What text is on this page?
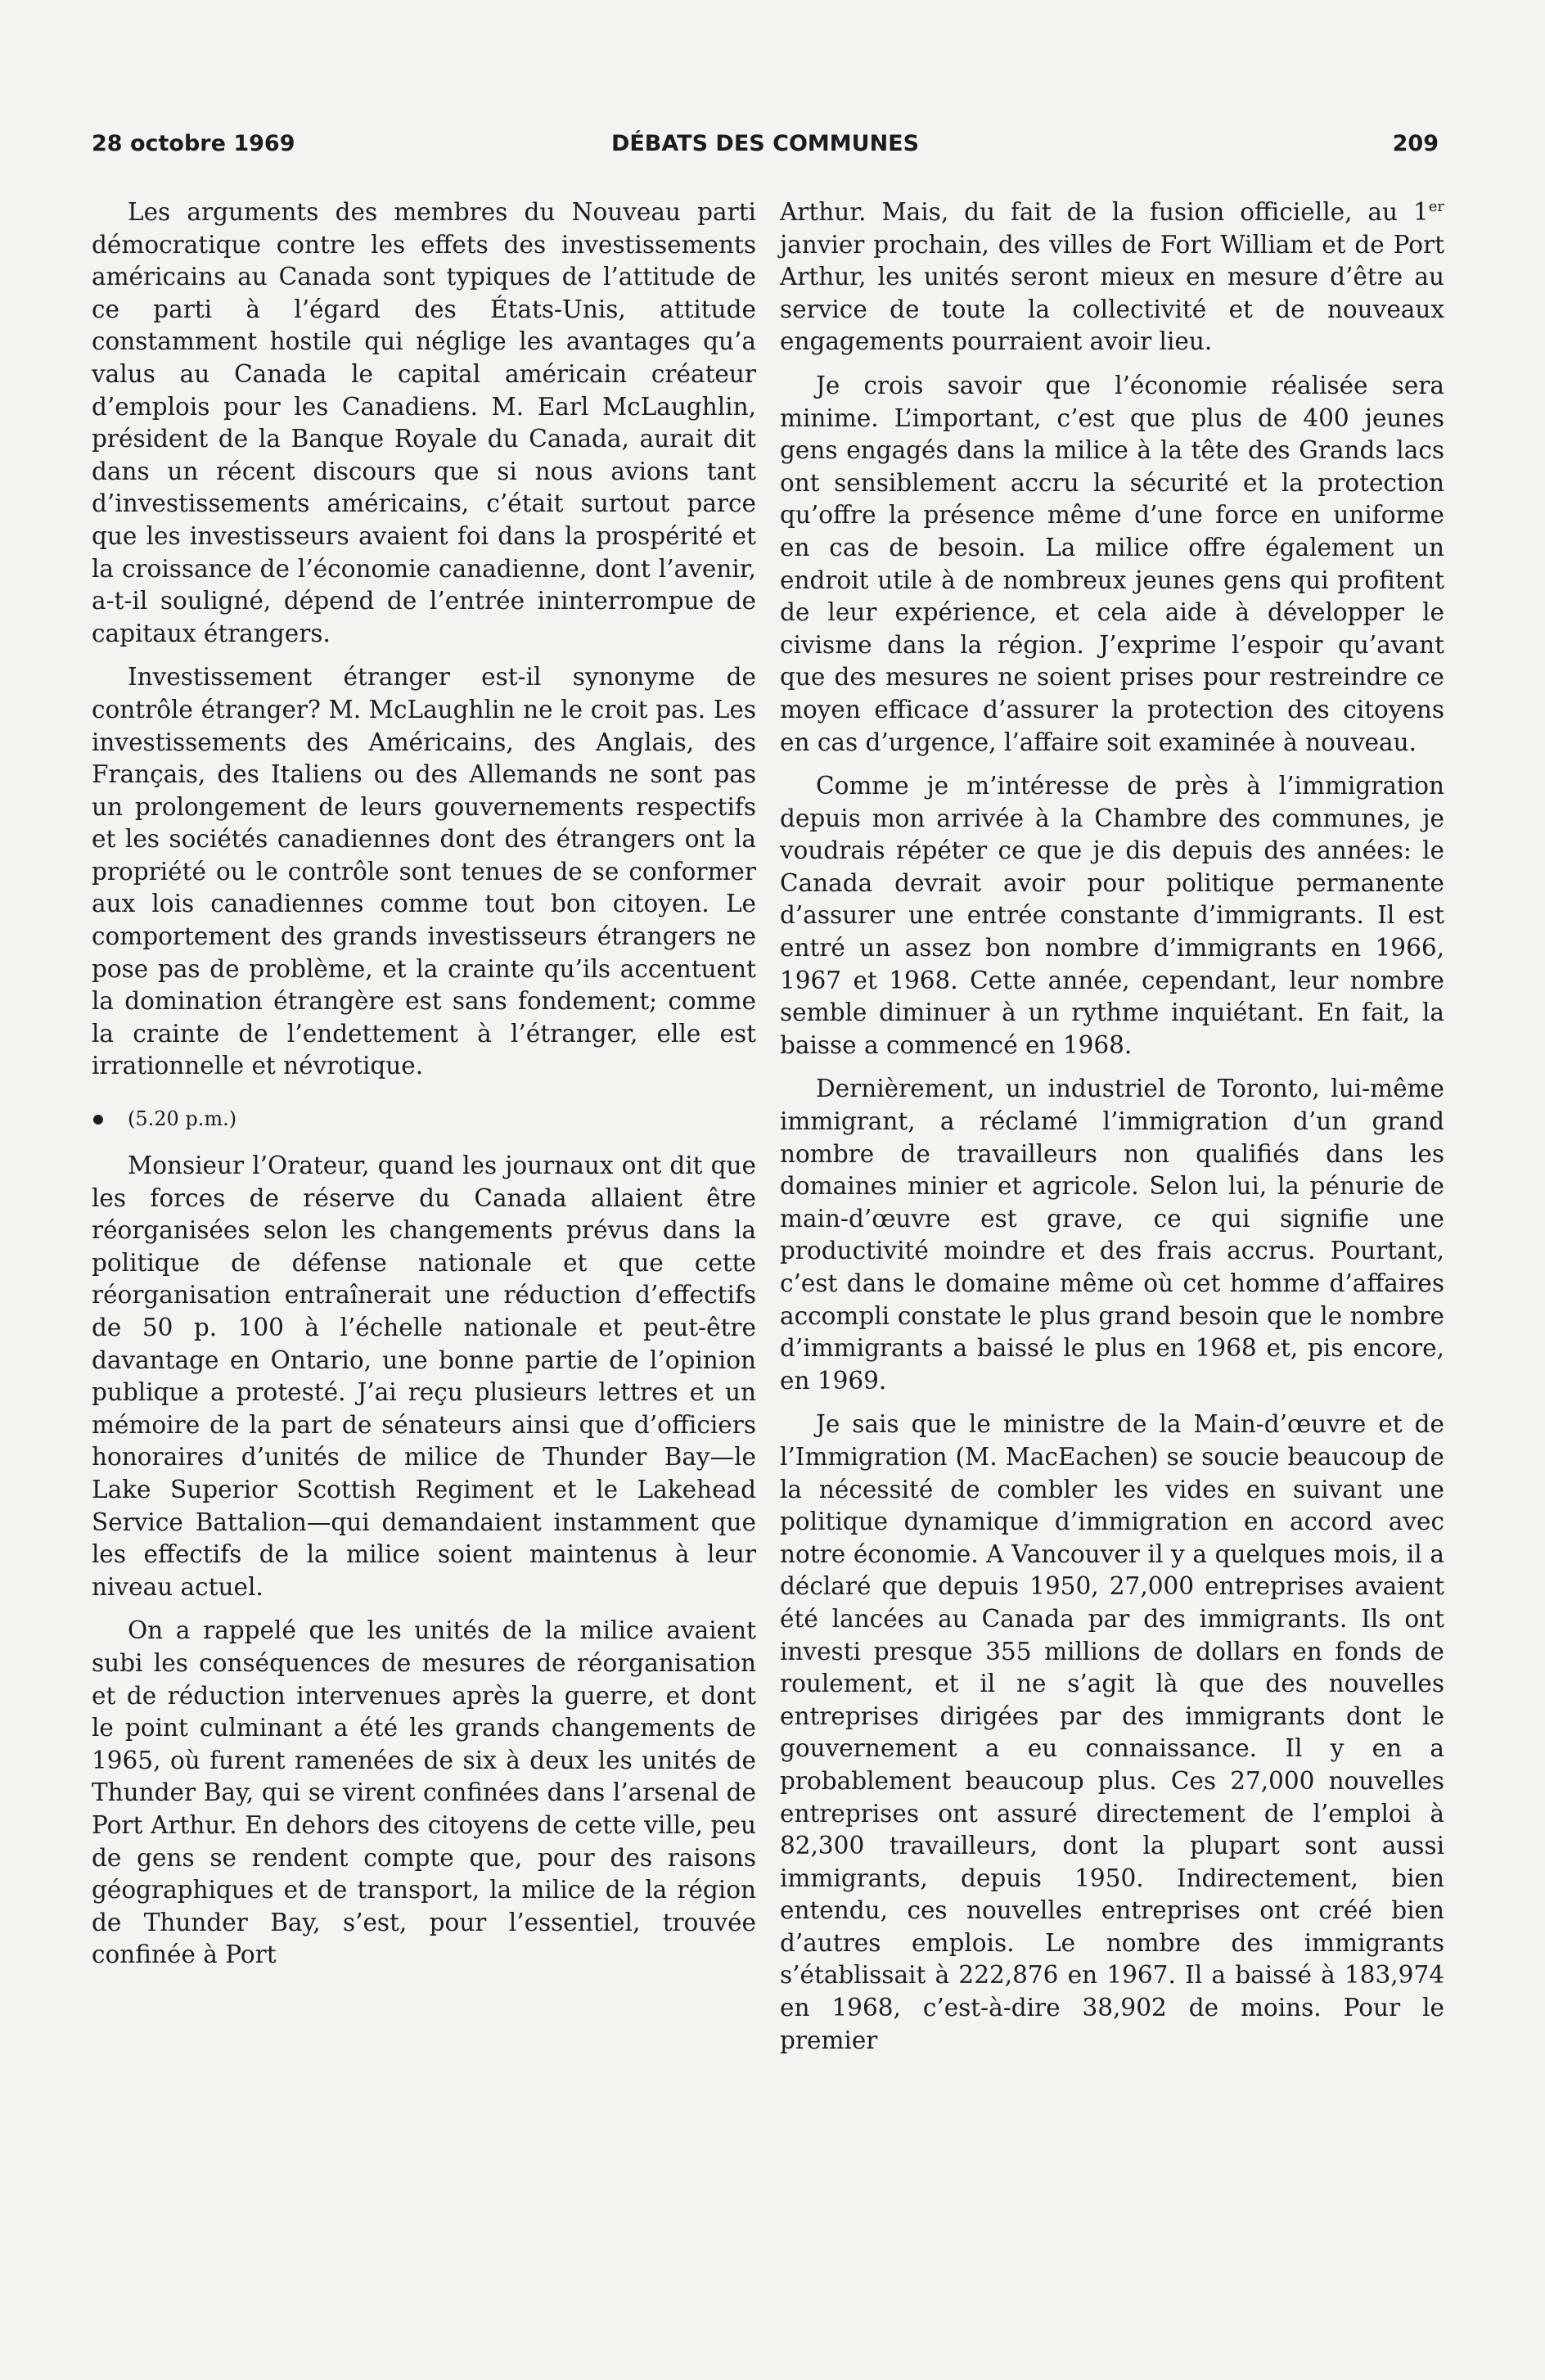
28 octobre 1969	DÉBATS DES COMMUNES	209

Les arguments des membres du Nouveau parti démocratique contre les effets des investissements américains au Canada sont typiques de l’attitude de ce parti à l’égard des États-Unis, attitude constamment hostile qui néglige les avantages qu’a valus au Canada le capital américain créateur d’emplois pour les Canadiens. M. Earl McLaughlin, président de la Banque Royale du Canada, aurait dit dans un récent discours que si nous avions tant d’investissements américains, c’était surtout parce que les investisseurs avaient foi dans la prospérité et la croissance de l’économie canadienne, dont l’avenir, a-t-il souligné, dépend de l’entrée ininterrompue de capitaux étrangers.

Investissement étranger est-il synonyme de contrôle étranger? M. McLaughlin ne le croit pas. Les investissements des Américains, des Anglais, des Français, des Italiens ou des Allemands ne sont pas un prolongement de leurs gouvernements respectifs et les sociétés canadiennes dont des étrangers ont la propriété ou le contrôle sont tenues de se conformer aux lois canadiennes comme tout bon citoyen. Le comportement des grands investisseurs étrangers ne pose pas de problème, et la crainte qu’ils accentuent la domination étrangère est sans fondement; comme la crainte de l’endettement à l’étranger, elle est irrationnelle et névrotique.

(5.20 p.m.)

Monsieur l’Orateur, quand les journaux ont dit que les forces de réserve du Canada allaient être réorganisées selon les changements prévus dans la politique de défense nationale et que cette réorganisation entraînerait une réduction d’effectifs de 50 p. 100 à l’échelle nationale et peut-être davantage en Ontario, une bonne partie de l’opinion publique a protesté. J’ai reçu plusieurs lettres et un mémoire de la part de sénateurs ainsi que d’officiers honoraires d’unités de milice de Thunder Bay—le Lake Superior Scottish Regiment et le Lakehead Service Battalion—qui demandaient instamment que les effectifs de la milice soient maintenus à leur niveau actuel.

On a rappelé que les unités de la milice avaient subi les conséquences de mesures de réorganisation et de réduction intervenues après la guerre, et dont le point culminant a été les grands changements de 1965, où furent ramenées de six à deux les unités de Thunder Bay, qui se virent confinées dans l’arsenal de Port Arthur. En dehors des citoyens de cette ville, peu de gens se rendent compte que, pour des raisons géographiques et de transport, la milice de la région de Thunder Bay, s’est, pour l’essentiel, trouvée confinée à Port

Arthur. Mais, du fait de la fusion officielle, au 1er janvier prochain, des villes de Fort William et de Port Arthur, les unités seront mieux en mesure d’être au service de toute la collectivité et de nouveaux engagements pourraient avoir lieu.

Je crois savoir que l’économie réalisée sera minime. L’important, c’est que plus de 400 jeunes gens engagés dans la milice à la tête des Grands lacs ont sensiblement accru la sécurité et la protection qu’offre la présence même d’une force en uniforme en cas de besoin. La milice offre également un endroit utile à de nombreux jeunes gens qui profitent de leur expérience, et cela aide à développer le civisme dans la région. J’exprime l’espoir qu’avant que des mesures ne soient prises pour restreindre ce moyen efficace d’assurer la protection des citoyens en cas d’urgence, l’affaire soit examinée à nouveau.

Comme je m’intéresse de près à l’immigration depuis mon arrivée à la Chambre des communes, je voudrais répéter ce que je dis depuis des années: le Canada devrait avoir pour politique permanente d’assurer une entrée constante d’immigrants. Il est entré un assez bon nombre d’immigrants en 1966, 1967 et 1968. Cette année, cependant, leur nombre semble diminuer à un rythme inquiétant. En fait, la baisse a commencé en 1968.

Dernièrement, un industriel de Toronto, lui-même immigrant, a réclamé l’immigration d’un grand nombre de travailleurs non qualifiés dans les domaines minier et agricole. Selon lui, la pénurie de main-d’œuvre est grave, ce qui signifie une productivité moindre et des frais accrus. Pourtant, c’est dans le domaine même où cet homme d’affaires accompli constate le plus grand besoin que le nombre d’immigrants a baissé le plus en 1968 et, pis encore, en 1969.

Je sais que le ministre de la Main-d’œuvre et de l’Immigration (M. MacEachen) se soucie beaucoup de la nécessité de combler les vides en suivant une politique dynamique d’immigration en accord avec notre économie. A Vancouver il y a quelques mois, il a déclaré que depuis 1950, 27,000 entreprises avaient été lancées au Canada par des immigrants. Ils ont investi presque 355 millions de dollars en fonds de roulement, et il ne s’agit là que des nouvelles entreprises dirigées par des immigrants dont le gouvernement a eu connaissance. Il y en a probablement beaucoup plus. Ces 27,000 nouvelles entreprises ont assuré directement de l’emploi à 82,300 travailleurs, dont la plupart sont aussi immigrants, depuis 1950. Indirectement, bien entendu, ces nouvelles entreprises ont créé bien d’autres emplois. Le nombre des immigrants s’établissait à 222,876 en 1967. Il a baissé à 183,974 en 1968, c’est-à-dire 38,902 de moins. Pour le premier
